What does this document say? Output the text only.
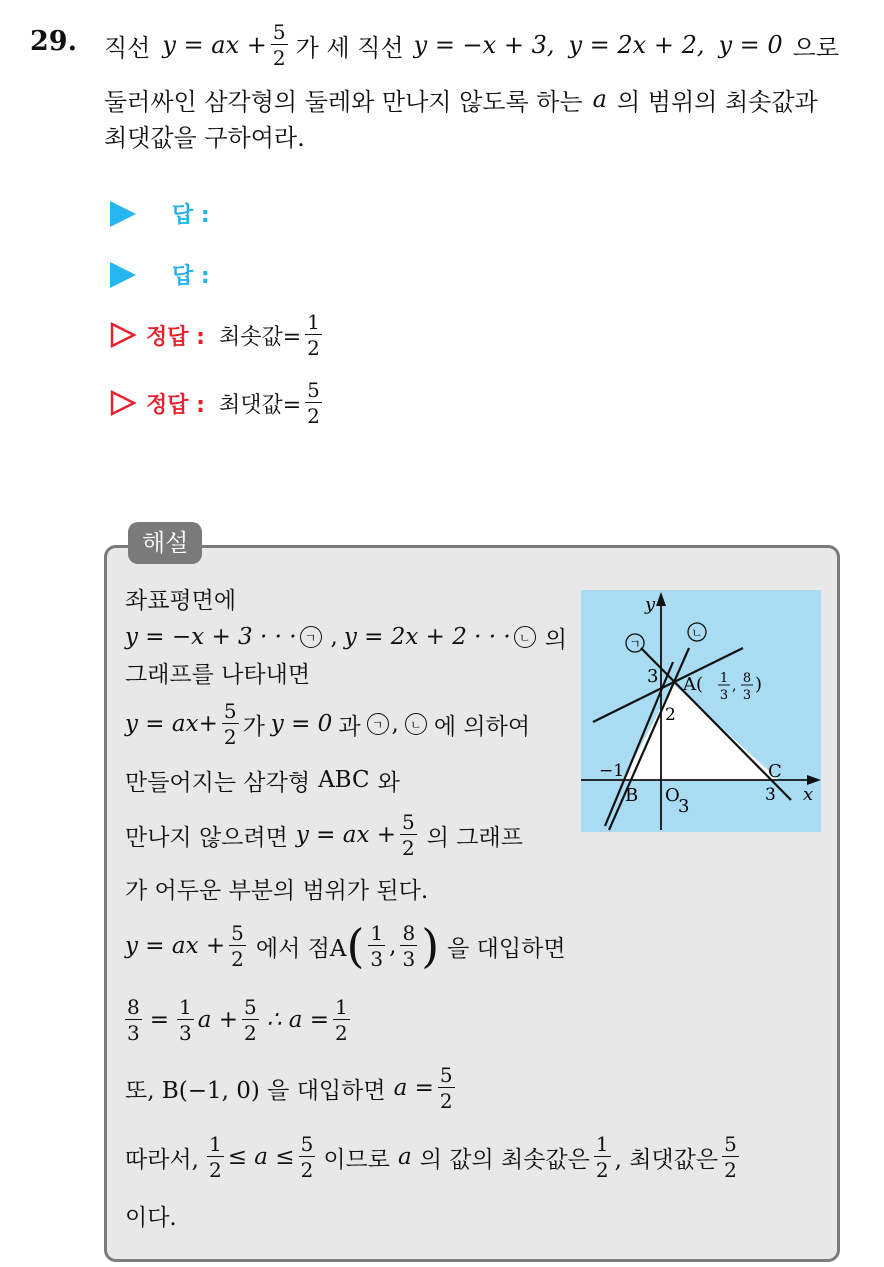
29. 직선 y = ax + $\frac{5}{2}$ 가 세 직선 y = −x + 3, y = 2x + 2, y = 0 으로
둘러싸인 삼각형의 둘레와 만나지 않도록 하는 a 의 범위의 최솟값과
최댓값을 구하여라.
답 :
답 :
정답 : 최솟값= $\frac{1}{2}$
정답 : 최댓값= $\frac{5}{2}$
해설
좌표평면에
y = −x + 3 · · · ㄱ , y = 2x + 2 · · · ㄴ 의
그래프를 나타내면
$y = ax+ \frac{5}{2}$ 가 y = 0 과 ㄱ , ㄴ 에 의하여
만들어지는 삼각형 ABC 와
만나지 않으려면 y = ax + $\frac{5}{2}$ 의 그래프
가 어두운 부분의 범위가 된다.
y = ax + $\frac{5}{2}$ 에서 점A ( $\frac{1}{3}$ , $\frac{8}{3}$ ) 을 대입하면
$\frac{8}{3} = \frac{1}{3}$ $a + \frac{5}{2}$ ∴ $a = \frac{1}{2}$
또, B(−1, 0) 을 대입하면 $a = \frac{5}{2}$
따라서, $\frac{1}{2} \le a \le \frac{5}{2}$ 이므로 a 의 값의 최솟값은 $\frac{1}{2}$ , 최댓값은 $\frac{5}{2}$
이다.
y
x
ㄱ
ㄴ
3 A( 1
3
, 8
3
)
2
−1	C
B O
3
3
